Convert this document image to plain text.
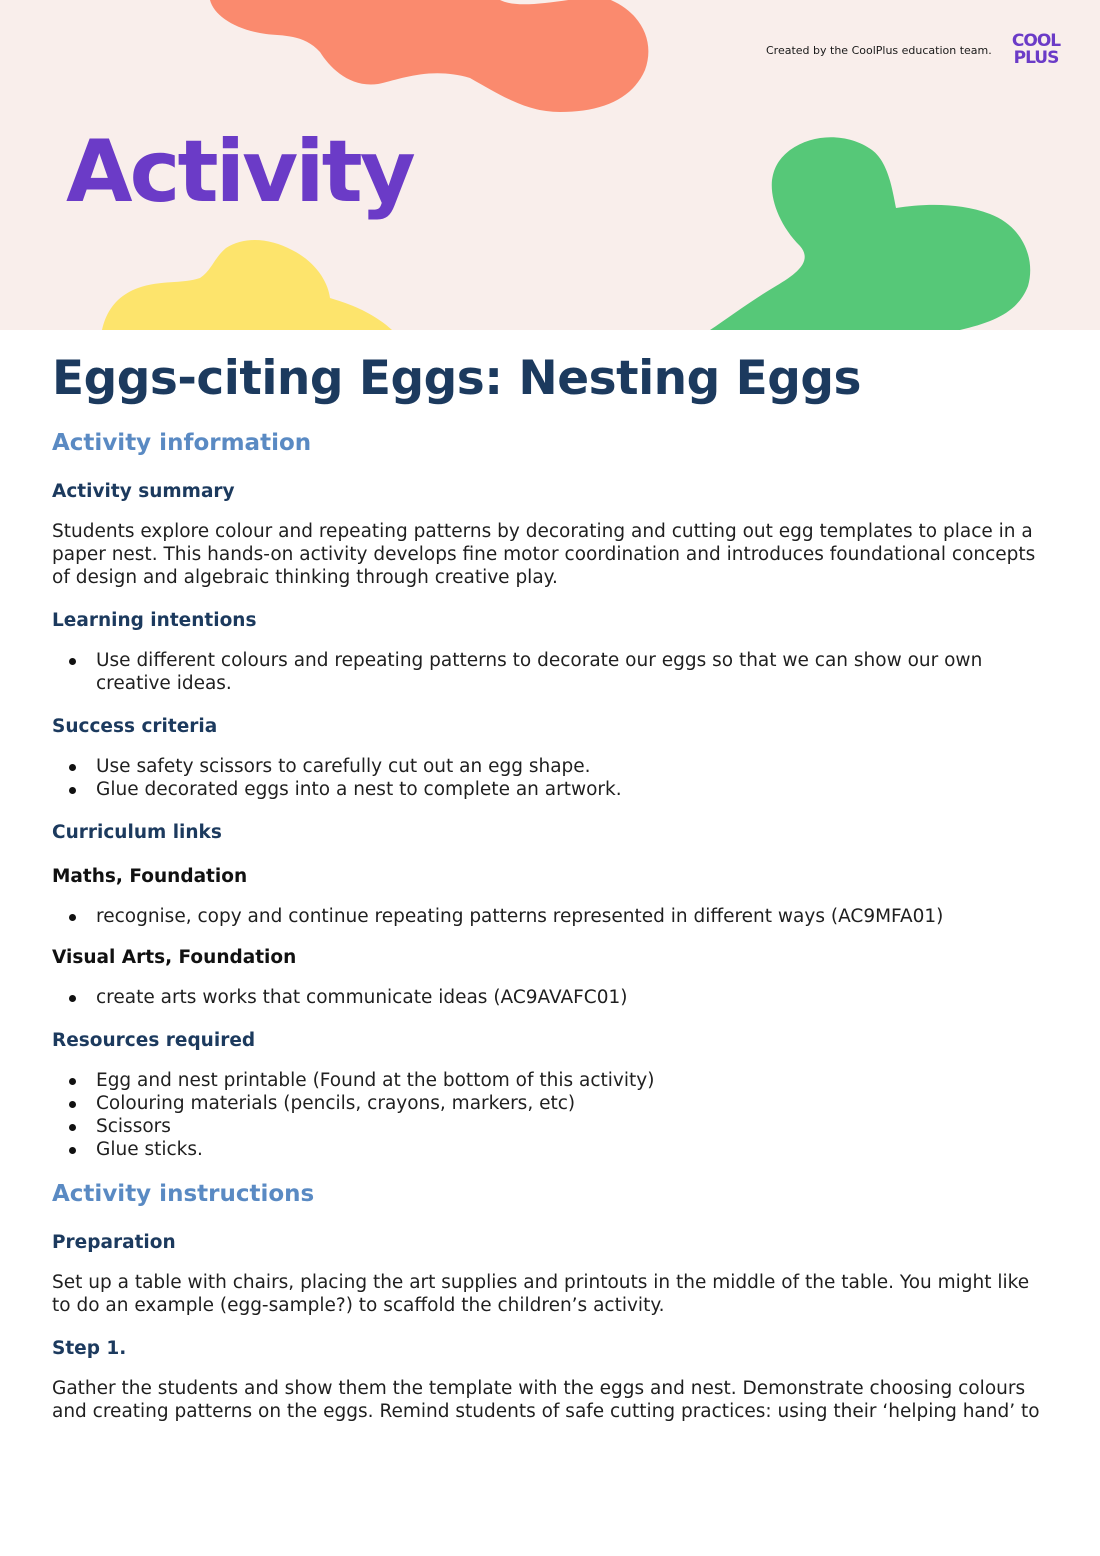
Activity
Created by the CoolPlus education team.	COOL
PLUS
Eggs-citing Eggs: Nesting Eggs
Activity information
Activity summary

Students explore colour and repeating patterns by decorating and cutting out egg templates to place in a paper nest. This hands-on activity develops fine motor coordination and introduces foundational concepts of design and algebraic thinking through creative play.

Learning intentions
Use different colours and repeating patterns to decorate our eggs so that we can show our own creative ideas.
Success criteria
Use safety scissors to carefully cut out an egg shape.
Glue decorated eggs into a nest to complete an artwork.
Curriculum links
Maths, Foundation
recognise, copy and continue repeating patterns represented in different ways (AC9MFA01)
Visual Arts, Foundation
create arts works that communicate ideas (AC9AVAFC01)
Resources required
Egg and nest printable (Found at the bottom of this activity)
Colouring materials (pencils, crayons, markers, etc)
Scissors
Glue sticks.
Activity instructions
Preparation

Set up a table with chairs, placing the art supplies and printouts in the middle of the table. You might like to do an example (egg-sample?) to scaffold the children’s activity.

Step 1.

Gather the students and show them the template with the eggs and nest. Demonstrate choosing colours and creating patterns on the eggs. Remind students of safe cutting practices: using their ‘helping hand’ to
